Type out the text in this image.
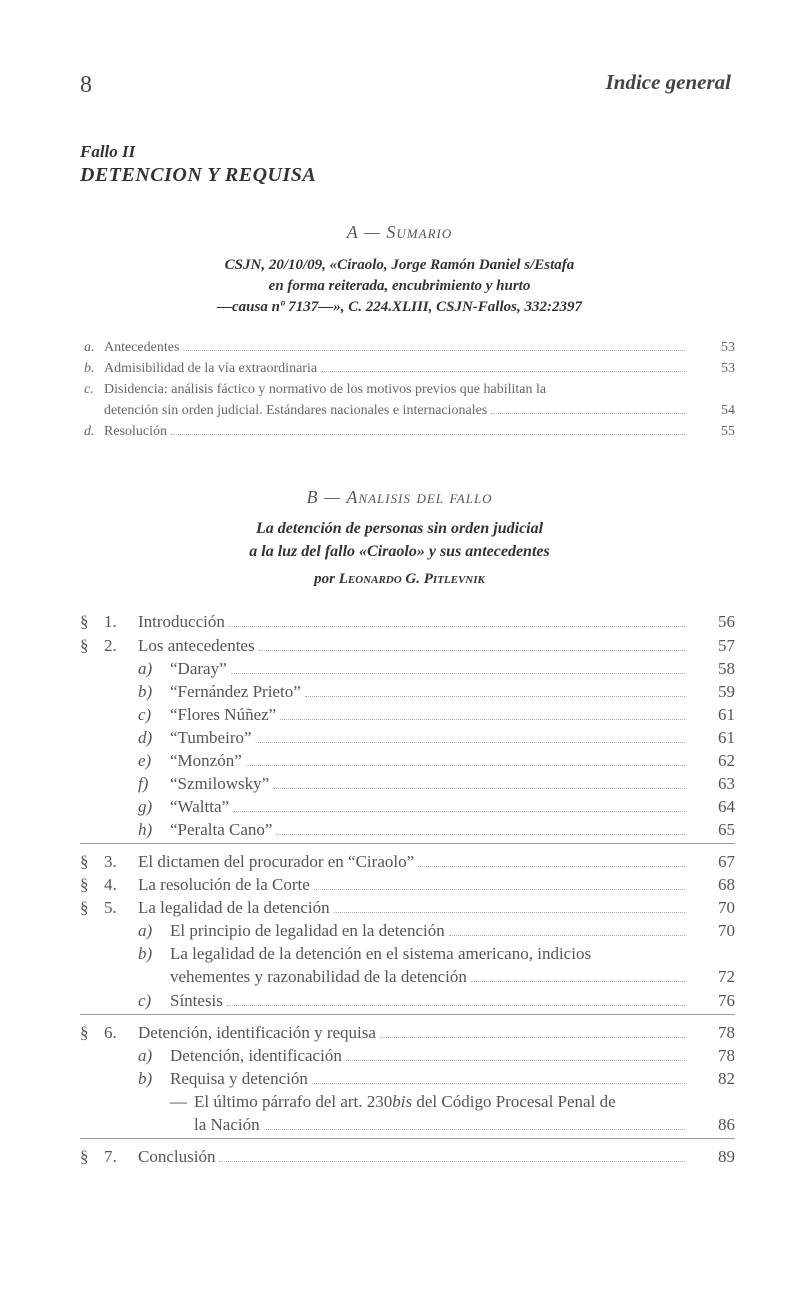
8	Indice general
Fallo II
DETENCION Y REQUISA
A — Sumario
CSJN, 20/10/09, «Ciraolo, Jorge Ramón Daniel s/Estafa
en forma reiterada, encubrimiento y hurto
—causa nº 7137—», C. 224.XLIII, CSJN-Fallos, 332:2397
a. Antecedentes	53
b. Admisibilidad de la vía extraordinaria	53
c. Disidencia: análisis fáctico y normativo de los motivos previos que habilitan la
detención sin orden judicial. Estándares nacionales e internacionales	54
d. Resolución	55
B — Analisis del fallo
La detención de personas sin orden judicial
a la luz del fallo «Ciraolo» y sus antecedentes
por Leonardo G. Pitlevnik
§ 1. Introducción	56
§ 2. Los antecedentes	57
a) “Daray”	58
b) “Fernández Prieto”	59
c) “Flores Núñez”	61
d) “Tumbeiro”	61
e) “Monzón”	62
f) “Szmilowsky”	63
g) “Waltta”	64
h) “Peralta Cano”	65
§ 3. El dictamen del procurador en “Ciraolo”	67
§ 4. La resolución de la Corte	68
§ 5. La legalidad de la detención	70
a) El principio de legalidad en la detención	70
b) La legalidad de la detención en el sistema americano, indicios
vehementes y razonabilidad de la detención	72
c) Síntesis	76
§ 6. Detención, identificación y requisa	78
a) Detención, identificación	78
b) Requisa y detención	82
— El último párrafo del art. 230bis del Código Procesal Penal de
la Nación	86
§ 7. Conclusión	89
